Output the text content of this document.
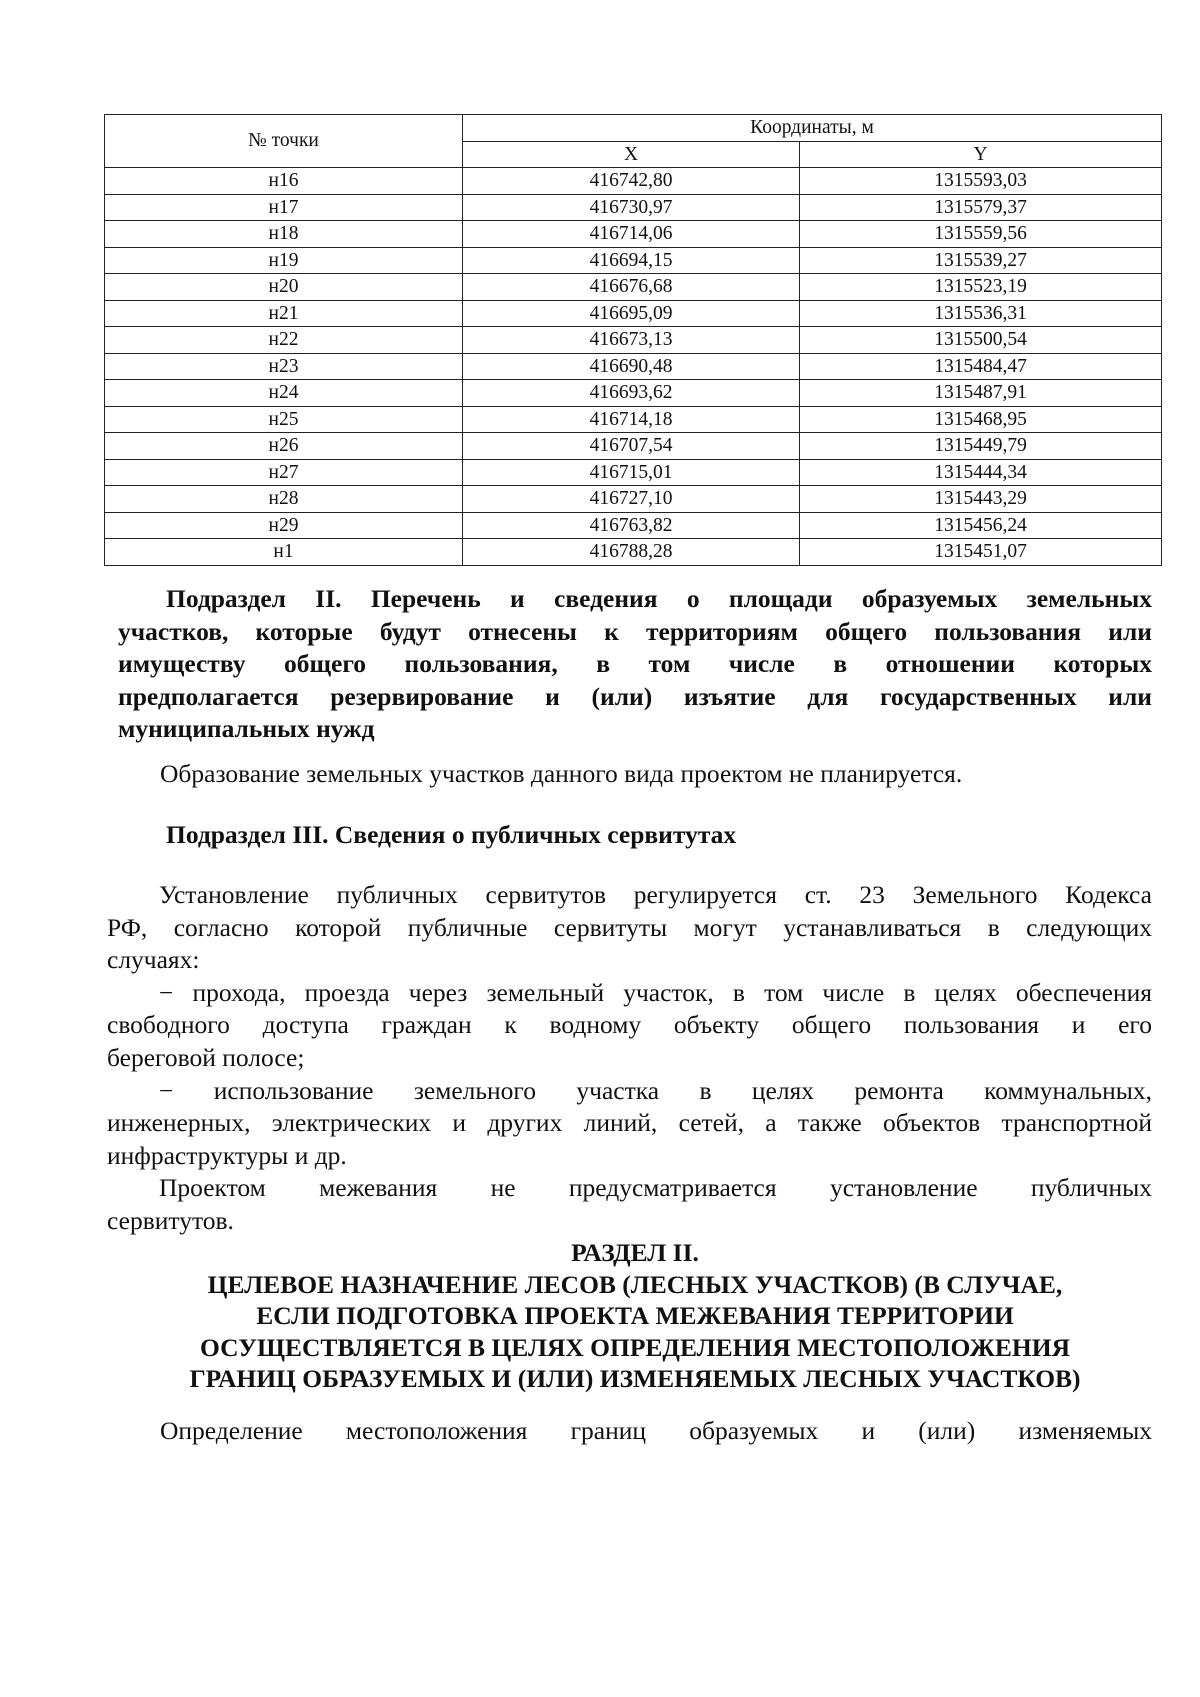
№ точки	Координаты, м	
	X	Y
н16	416742,80	1315593,03
н17	416730,97	1315579,37
н18	416714,06	1315559,56
н19	416694,15	1315539,27
н20	416676,68	1315523,19
н21	416695,09	1315536,31
н22	416673,13	1315500,54
н23	416690,48	1315484,47
н24	416693,62	1315487,91
н25	416714,18	1315468,95
н26	416707,54	1315449,79
н27	416715,01	1315444,34
н28	416727,10	1315443,29
н29	416763,82	1315456,24
н1	416788,28	1315451,07
Подраздел II. Перечень и сведения о площади образуемых земельных
участков, которые будут отнесены к территориям общего пользования или
имуществу общего пользования, в том числе в отношении которых
предполагается резервирование и (или) изъятие для государственных или
муниципальных нужд
Образование земельных участков данного вида проектом не планируется.
Подраздел III. Сведения о публичных сервитутах
Установление публичных сервитутов регулируется ст. 23 Земельного Кодекса
РФ, согласно которой публичные сервитуты могут устанавливаться в следующих
случаях:
− прохода, проезда через земельный участок, в том числе в целях обеспечения
свободного доступа граждан к водному объекту общего пользования и его
береговой полосе;
− использование земельного участка в целях ремонта коммунальных,
инженерных, электрических и других линий, сетей, а также объектов транспортной
инфраструктуры и др.
Проектом межевания не предусматривается установление публичных
сервитутов.
РАЗДЕЛ II.
ЦЕЛЕВОЕ НАЗНАЧЕНИЕ ЛЕСОВ (ЛЕСНЫХ УЧАСТКОВ) (В СЛУЧАЕ,
ЕСЛИ ПОДГОТОВКА ПРОЕКТА МЕЖЕВАНИЯ ТЕРРИТОРИИ
ОСУЩЕСТВЛЯЕТСЯ В ЦЕЛЯХ ОПРЕДЕЛЕНИЯ МЕСТОПОЛОЖЕНИЯ
ГРАНИЦ ОБРАЗУЕМЫХ И (ИЛИ) ИЗМЕНЯЕМЫХ ЛЕСНЫХ УЧАСТКОВ)
Определение местоположения границ образуемых и (или) изменяемых
